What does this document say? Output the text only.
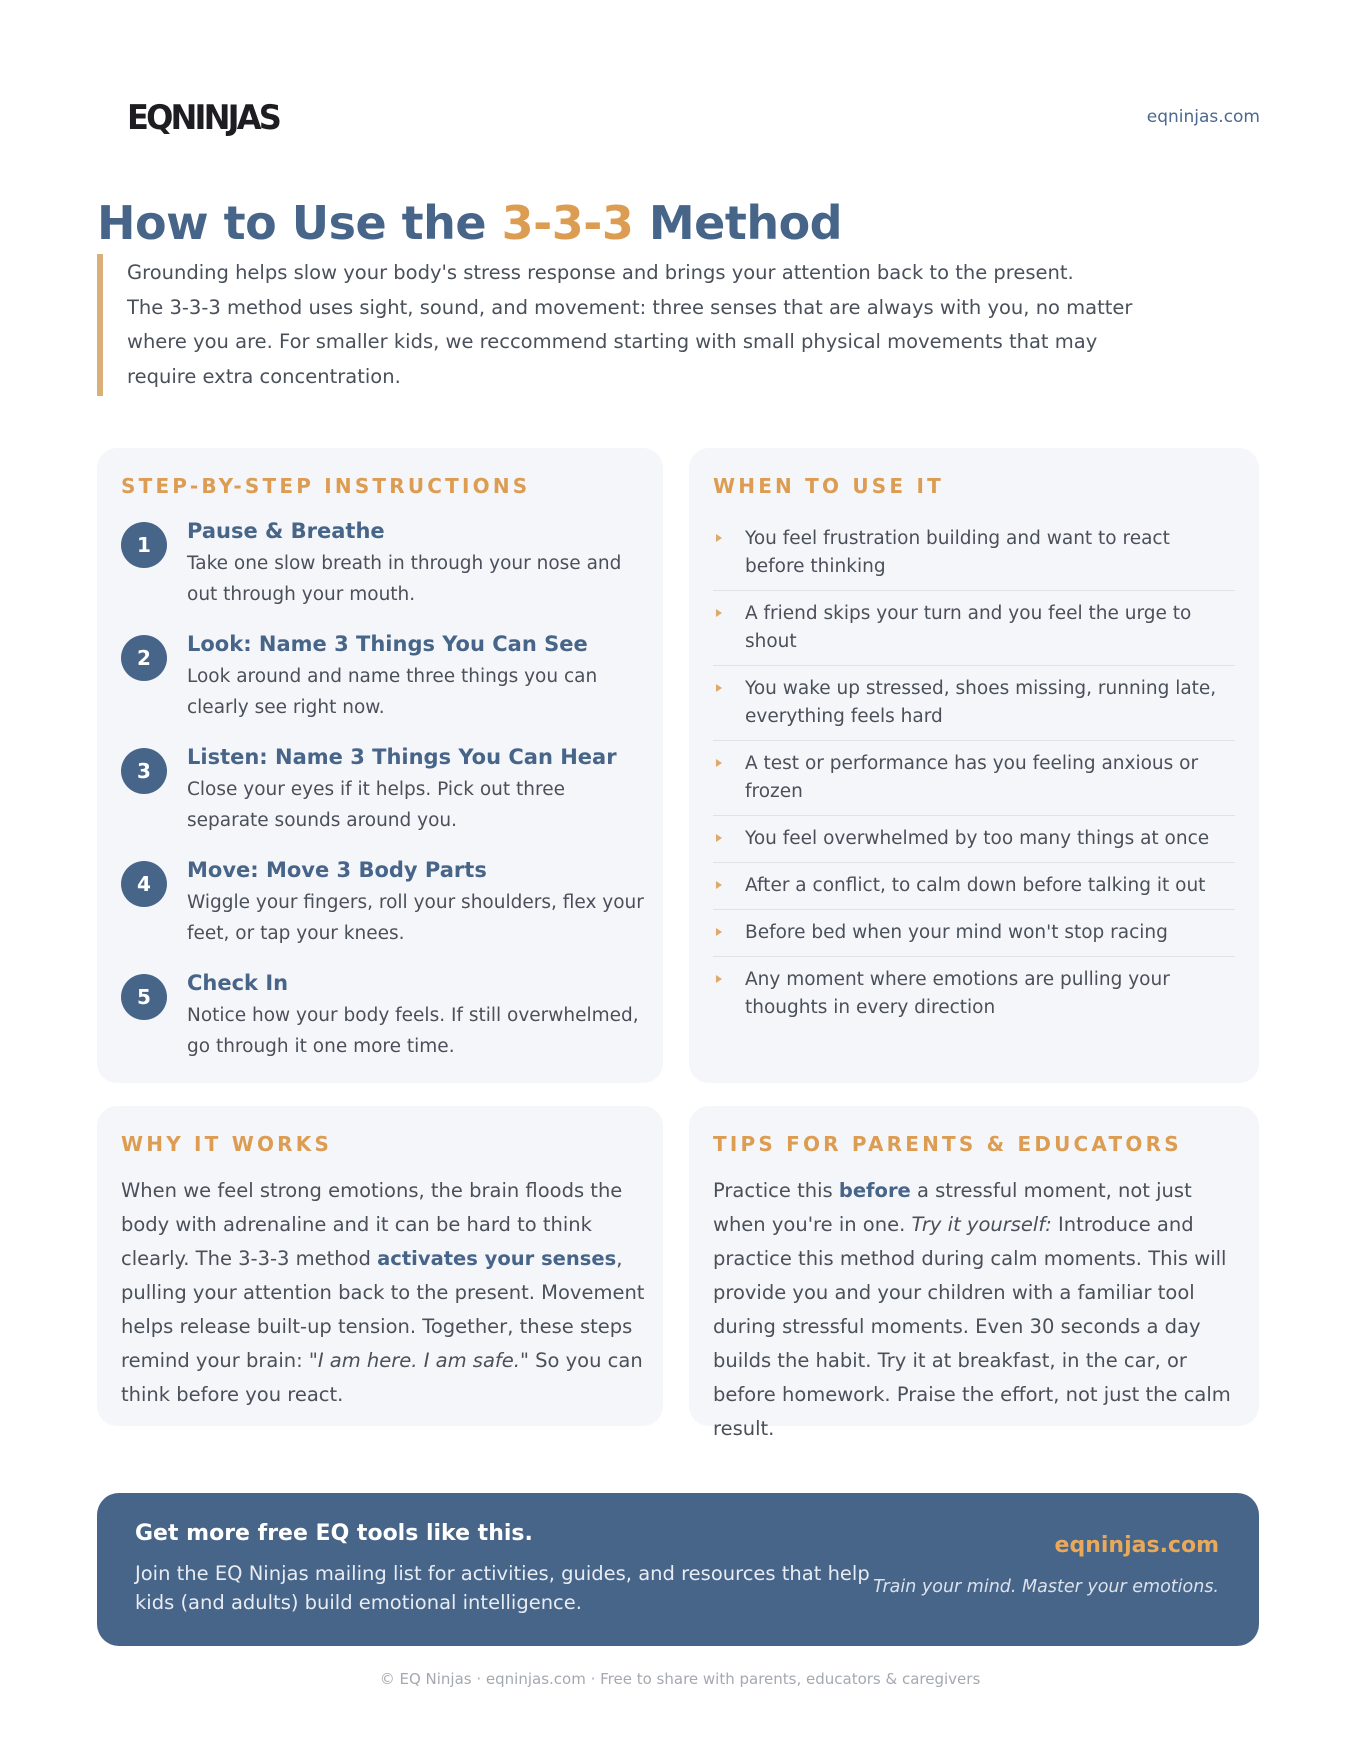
EQNINJAS	eqninjas.com
How to Use the 3-3-3 Method

Grounding helps slow your body's stress response and brings your attention back to the present.

The 3-3-3 method uses sight, sound, and movement: three senses that are always with you, no matter where you are. For smaller kids, we reccommend starting with small physical movements that may require extra concentration.

STEP-BY-STEP INSTRUCTIONS
1
Pause & Breathe
Take one slow breath in through your nose and out through your mouth.
2
Look: Name 3 Things You Can See
Look around and name three things you can clearly see right now.
3
Listen: Name 3 Things You Can Hear
Close your eyes if it helps. Pick out three separate sounds around you.
4
Move: Move 3 Body Parts
Wiggle your fingers, roll your shoulders, flex your feet, or tap your knees.
5
Check In
Notice how your body feels. If still overwhelmed, go through it one more time.
WHEN TO USE IT
You feel frustration building and want to react before thinking
A friend skips your turn and you feel the urge to shout
You wake up stressed, shoes missing, running late, everything feels hard
A test or performance has you feeling anxious or frozen
You feel overwhelmed by too many things at once
After a conflict, to calm down before talking it out
Before bed when your mind won't stop racing
Any moment where emotions are pulling your thoughts in every direction
WHY IT WORKS

When we feel strong emotions, the brain floods the body with adrenaline and it can be hard to think clearly. The 3-3-3 method activates your senses, pulling your attention back to the present. Movement helps release built-up tension. Together, these steps remind your brain: "I am here. I am safe." So you can think before you react.

TIPS FOR PARENTS & EDUCATORS

Practice this before a stressful moment, not just when you're in one. Try it yourself: Introduce and practice this method during calm moments. This will provide you and your children with a familiar tool during stressful moments. Even 30 seconds a day builds the habit. Try it at breakfast, in the car, or before homework. Praise the effort, not just the calm result.

Get more free EQ tools like this.
Join the EQ Ninjas mailing list for activities, guides, and resources that help kids (and adults) build emotional intelligence.
eqninjas.com
Train your mind. Master your emotions.
© EQ Ninjas · eqninjas.com · Free to share with parents, educators & caregivers
